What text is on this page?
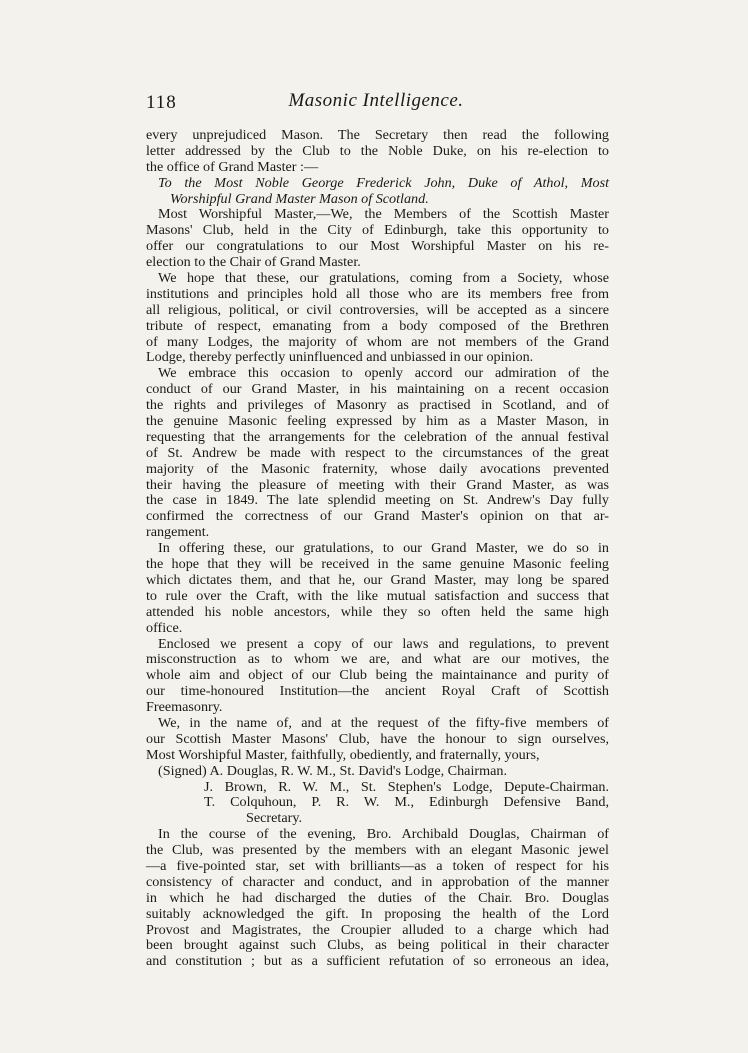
118	Masonic Intelligence.
every unprejudiced Mason. The Secretary then read the following
letter addressed by the Club to the Noble Duke, on his re-election to
the office of Grand Master :—
To the Most Noble George Frederick John, Duke of Athol, Most
Worshipful Grand Master Mason of Scotland.
Most Worshipful Master,—We, the Members of the Scottish Master
Masons' Club, held in the City of Edinburgh, take this opportunity to
offer our congratulations to our Most Worshipful Master on his re-
election to the Chair of Grand Master.
We hope that these, our gratulations, coming from a Society, whose
institutions and principles hold all those who are its members free from
all religious, political, or civil controversies, will be accepted as a sincere
tribute of respect, emanating from a body composed of the Brethren
of many Lodges, the majority of whom are not members of the Grand
Lodge, thereby perfectly uninfluenced and unbiassed in our opinion.
We embrace this occasion to openly accord our admiration of the
conduct of our Grand Master, in his maintaining on a recent occasion
the rights and privileges of Masonry as practised in Scotland, and of
the genuine Masonic feeling expressed by him as a Master Mason, in
requesting that the arrangements for the celebration of the annual festival
of St. Andrew be made with respect to the circumstances of the great
majority of the Masonic fraternity, whose daily avocations prevented
their having the pleasure of meeting with their Grand Master, as was
the case in 1849. The late splendid meeting on St. Andrew's Day fully
confirmed the correctness of our Grand Master's opinion on that ar-
rangement.
In offering these, our gratulations, to our Grand Master, we do so in
the hope that they will be received in the same genuine Masonic feeling
which dictates them, and that he, our Grand Master, may long be spared
to rule over the Craft, with the like mutual satisfaction and success that
attended his noble ancestors, while they so often held the same high
office.
Enclosed we present a copy of our laws and regulations, to prevent
misconstruction as to whom we are, and what are our motives, the
whole aim and object of our Club being the maintainance and purity of
our time-honoured Institution—the ancient Royal Craft of Scottish
Freemasonry.
We, in the name of, and at the request of the fifty-five members of
our Scottish Master Masons' Club, have the honour to sign ourselves,
Most Worshipful Master, faithfully, obediently, and fraternally, yours,
(Signed) A. Douglas, R. W. M., St. David's Lodge, Chairman.
J. Brown, R. W. M., St. Stephen's Lodge, Depute-Chairman.
T. Colquhoun, P. R. W. M., Edinburgh Defensive Band,
Secretary.
In the course of the evening, Bro. Archibald Douglas, Chairman of
the Club, was presented by the members with an elegant Masonic jewel
—a five-pointed star, set with brilliants—as a token of respect for his
consistency of character and conduct, and in approbation of the manner
in which he had discharged the duties of the Chair. Bro. Douglas
suitably acknowledged the gift. In proposing the health of the Lord
Provost and Magistrates, the Croupier alluded to a charge which had
been brought against such Clubs, as being political in their character
and constitution ; but as a sufficient refutation of so erroneous an idea,
